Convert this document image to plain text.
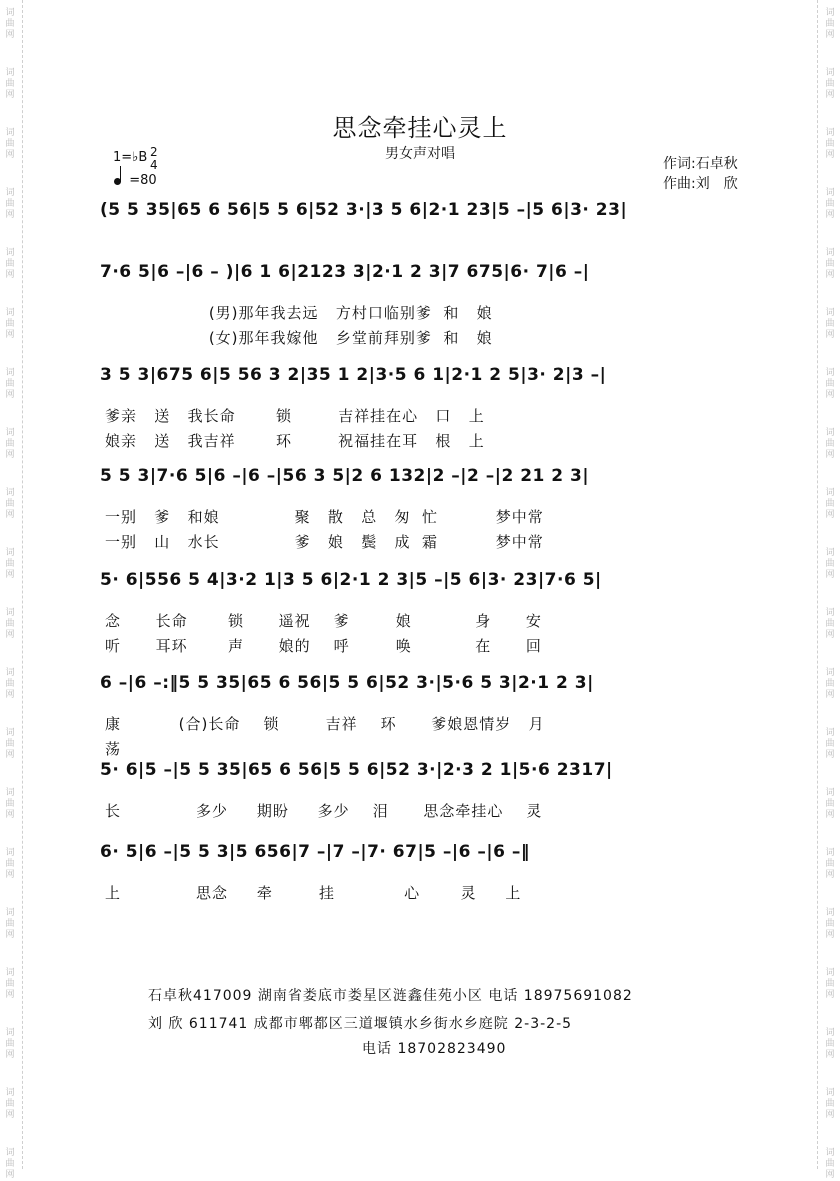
词
曲
网
词
曲
网
词
曲
网
词
曲
网
词
曲
网
词
曲
网
词
曲
网
词
曲
网
词
曲
网
词
曲
网
词
曲
网
词
曲
网
词
曲
网
词
曲
网
词
曲
网
词
曲
网
词
曲
网
词
曲
网
词
曲
网
词
曲
网
词
曲
网
词
曲
网
词
曲
网
词
曲
网
词
曲
网
词
曲
网
词
曲
网
词
曲
网
词
曲
网
词
曲
网
词
曲
网
词
曲
网
词
曲
网
词
曲
网
词
曲
网
词
曲
网
词
曲
网
词
曲
网
词
曲
网
词
曲
网
思念牵挂心灵上
男女声对唱
1=♭B 2
4
=80
作词:石卓秋
作曲:刘　欣
(5 5 35|65 6 56|5 5 6|52 3·|3 5 6|2·1 23|5 –|5 6|3· 23|
7·6 5|6 –|6 – )|6 1 6|2123 3|2·1 2 3|7 675|6· 7|6 –|
(男)那年我去远   方村口临别爹  和   娘
(女)那年我嫁他   乡堂前拜别爹  和   娘
3 5 3|675 6|5 56 3 2|35 1 2|3·5 6 1|2·1 2 5|3· 2|3 –|
爹亲   送   我长命       锁        吉祥挂在心   口   上
娘亲   送   我吉祥       环        祝福挂在耳   根   上
5 5 3|7·6 5|6 –|6 –|56 3 5|2 6 132|2 –|2 –|2 21 2 3|
一别   爹   和娘             聚   散   总   匆  忙          梦中常
一别   山   水长             爹   娘   鬓   成  霜          梦中常
5· 6|556 5 4|3·2 1|3 5 6|2·1 2 3|5 –|5 6|3· 23|7·6 5|
念      长命       锁      遥祝    爹        娘           身      安
听      耳环       声      娘的    呼        唤           在      回
6 –|6 –:‖5 5 35|65 6 56|5 5 6|52 3·|5·6 5 3|2·1 2 3|
康          (合)长命    锁        吉祥    环      爹娘恩情岁   月
荡
5· 6|5 –|5 5 35|65 6 56|5 5 6|52 3·|2·3 2 1|5·6 2317|
长             多少     期盼     多少    泪      思念牵挂心    灵
6· 5|6 –|5 5 3|5 656|7 –|7 –|7· 67|5 –|6 –|6 –‖
上             思念     牵        挂            心       灵     上
石卓秋417009 湖南省娄底市娄星区涟鑫佳苑小区 电话 18975691082
刘 欣 611741 成都市郫都区三道堰镇水乡街水乡庭院 2-3-2-5
电话 18702823490
